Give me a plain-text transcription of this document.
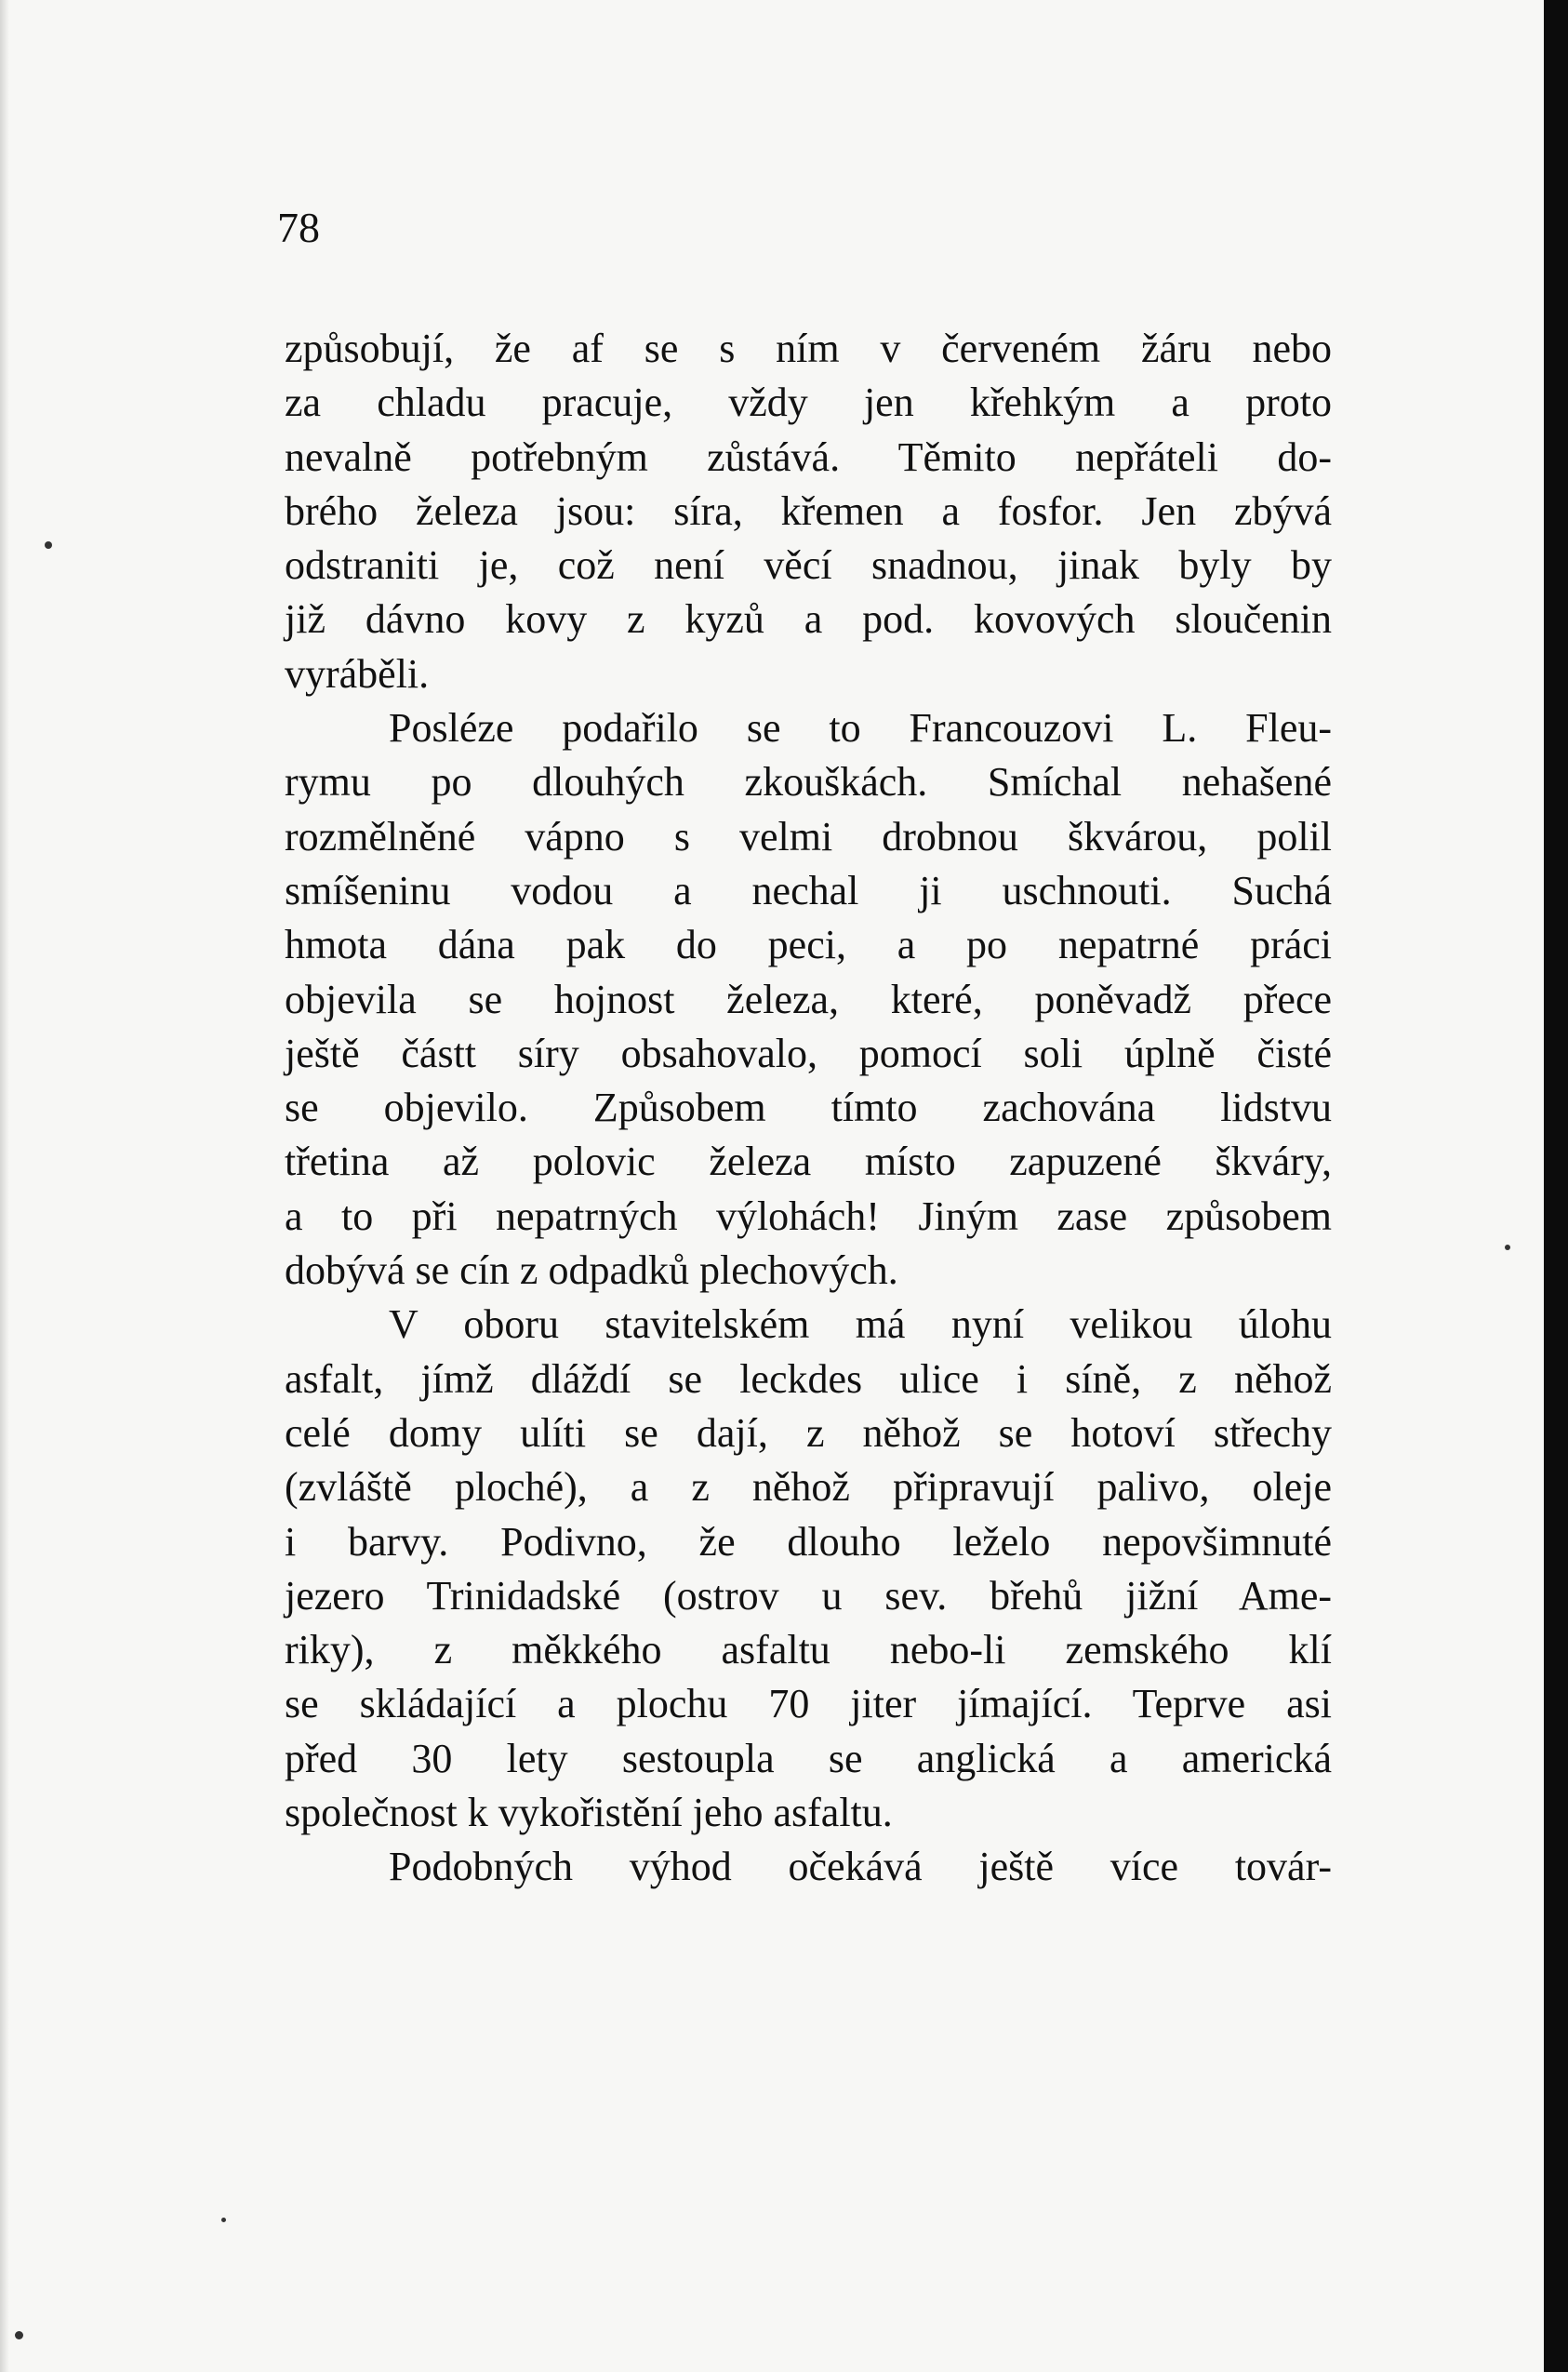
78
způsobují, že af se s ním v červeném žáru nebo
za chladu pracuje, vždy jen křehkým a proto
nevalně potřebným zůstává. Těmito nepřáteli do-
brého železa jsou: síra, křemen a fosfor. Jen zbývá
odstraniti je, což není věcí snadnou, jinak byly by
již dávno kovy z kyzů a pod. kovových sloučenin
vyráběli.
Posléze podařilo se to Francouzovi L. Fleu-
rymu po dlouhých zkouškách. Smíchal nehašené
rozmělněné vápno s velmi drobnou škvárou, polil
smíšeninu vodou a nechal ji uschnouti. Suchá
hmota dána pak do peci, a po nepatrné práci
objevila se hojnost železa, které, poněvadž přece
ještě částt síry obsahovalo, pomocí soli úplně čisté
se objevilo. Způsobem tímto zachována lidstvu
třetina až polovic železa místo zapuzené škváry,
a to při nepatrných výlohách! Jiným zase způsobem
dobývá se cín z odpadků plechových.
V oboru stavitelském má nyní velikou úlohu
asfalt, jímž dláždí se leckdes ulice i síně, z něhož
celé domy ulíti se dají, z něhož se hotoví střechy
(zvláště ploché), a z něhož připravují palivo, oleje
i barvy. Podivno, že dlouho leželo nepovšimnuté
jezero Trinidadské (ostrov u sev. břehů jižní Ame-
riky), z měkkého asfaltu nebo-li zemského klí
se skládající a plochu 70 jiter jímající. Teprve asi
před 30 lety sestoupla se anglická a americká
společnost k vykořistění jeho asfaltu.
Podobných výhod očekává ještě více továr-
